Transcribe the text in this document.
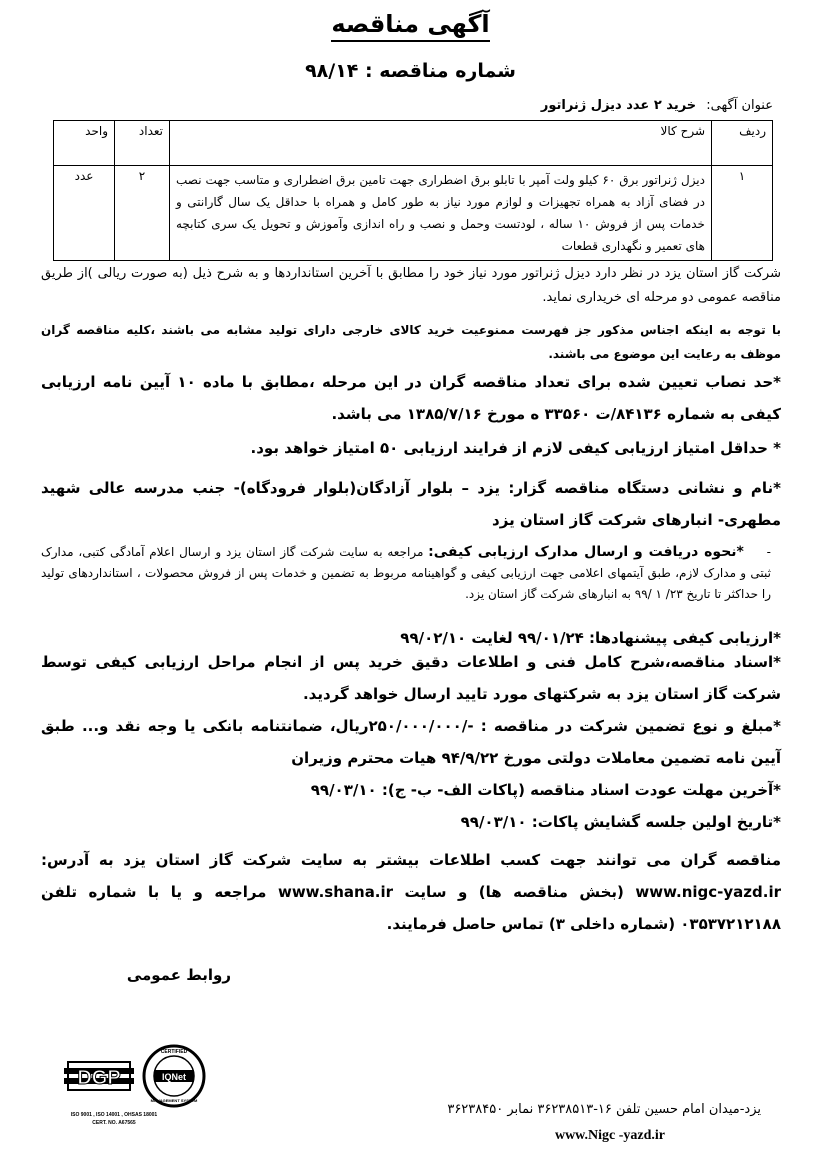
آگهی مناقصه
شماره مناقصه : ۹۸/۱۴
عنوان آگهی: خرید ۲ عدد دیزل ژنراتور
ردیف	شرح کالا	تعداد	واحد
۱	دیزل ژنراتور برق ۶۰ کیلو ولت آمپر با تابلو برق اضطراری جهت تامین برق اضطراری و متاسب جهت نصب در فضای آزاد به همراه تجهیزات و لوازم مورد نیاز به طور کامل و همراه با حداقل یک سال گارانتی و خدمات پس از فروش ۱۰ ساله ، لودتست وحمل و نصب و راه اندازی وآموزش و تحویل یک سری کتابچه های تعمیر و نگهداری قطعات	۲	عدد
شرکت گاز استان یزد در نظر دارد دیزل ژنراتور مورد نیاز خود را مطابق با آخرین استانداردها و به شرح ذیل (به صورت ریالی )از طریق مناقصه عمومی دو مرحله ای خریداری نماید.
با توجه به اینکه اجناس مذکور جز فهرست ممنوعیت خرید کالای خارجی دارای تولید مشابه می باشند ،کلیه مناقصه گران موظف به رعایت این موضوع می باشند.
*حد نصاب تعیین شده برای تعداد مناقصه گران در این مرحله ،مطابق با ماده ۱۰ آیین نامه ارزیابی کیفی به شماره ۸۴۱۳۶/ت ۳۳۵۶۰ ه مورخ ۱۳۸۵/۷/۱۶ می باشد.
* حداقل امتیاز ارزیابی کیفی لازم از فرایند ارزیابی ۵۰ امتیاز خواهد بود.
*نام و نشانی دستگاه مناقصه گزار: یزد – بلوار آزادگان(بلوار فرودگاه)- جنب مدرسه عالی شهید مطهری- انبارهای شرکت گاز استان یزد
- *نحوه دریافت و ارسال مدارک ارزیابی کیفی: مراجعه به سایت شرکت گاز استان یزد و ارسال اعلام آمادگی کتبی، مدارک ثبتی و مدارک لازم، طبق آیتمهای اعلامی جهت ارزیابی کیفی و گواهینامه مربوط به تضمین و خدمات پس از فروش محصولات ، استانداردهای تولید را حداکثر تا تاریخ ۲۳/ ۱ /۹۹ به انبارهای شرکت گاز استان یزد.
*ارزیابی کیفی پیشنهادها: ۹۹/۰۱/۲۴ لغایت ۹۹/۰۲/۱۰
*اسناد مناقصه،شرح کامل فنی و اطلاعات دقیق خرید پس از انجام مراحل ارزیابی کیفی توسط شرکت گاز استان یزد به شرکتهای مورد تایید ارسال خواهد گردید.
*مبلغ و نوع تضمین شرکت در مناقصه : -/۲۵۰/۰۰۰/۰۰۰ریال، ضمانتنامه بانکی یا وجه نقد و... طبق آیین نامه تضمین معاملات دولتی مورخ ۹۴/۹/۲۲ هیات محترم وزیران
*آخرین مهلت عودت اسناد مناقصه (پاکات الف- ب- ج): ۹۹/۰۳/۱۰
*تاریخ اولین جلسه گشایش پاکات: ۹۹/۰۳/۱۰
مناقصه گران می توانند جهت کسب اطلاعات بیشتر به سایت شرکت گاز استان یزد به آدرس: www.nigc-yazd.ir (بخش مناقصه ها) و سایت www.shana.ir مراجعه و یا با شماره تلفن ۰۳۵۳۷۲۱۲۱۸۸ (شماره داخلی ۳) تماس حاصل فرمایند.
روابط عمومی
DGP	IQNet
CERTIFIED
MANAGEMENT SYSTEM
ISO 9001 , ISO 14001 , OHSAS 18001
CERT. NO. A67565
یزد-میدان امام حسین تلفن ۱۶-۳۶۲۳۸۵۱۳ نمابر ۳۶۲۳۸۴۵۰
www.Nigc -yazd.ir
